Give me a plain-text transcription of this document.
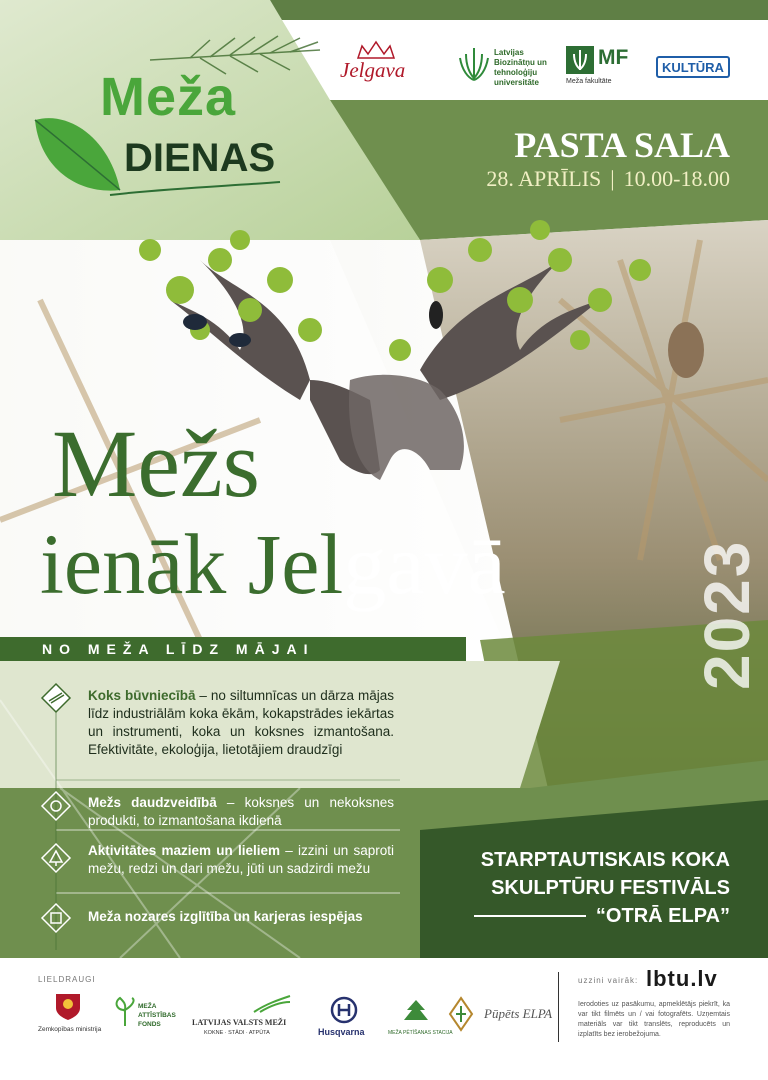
Jelgava
Latvijas Biozinātņu un tehnoloģiju universitāte
MF
Meža fakultāte
KULTŪRA
Meža
DIENAS	PASTA SALA
28. APRĪLIS | 10.00-18.00
Mežs
ienāk Jelgavā	2023
NO MEŽA LĪDZ MĀJAI
Koks būvniecībā – no siltumnīcas un dārza mājas līdz industriālām koka ēkām, kokapstrādes iekārtas un instrumenti, koka un koksnes izmantošana. Efektivitāte, ekoloģija, lietotājiem draudzīgi
Mežs daudzveidībā – koksnes un nekoksnes produkti, to izmantošana ikdienā
Aktivitātes maziem un lieliem – izzini un saproti mežu, redzi un dari mežu, jūti un sadzirdi mežu
Meža nozares izglītība un karjeras iespējas
STARPTAUTISKAIS KOKA
SKULPTŪRU FESTIVĀLS
“OTRĀ ELPA”
LIELDRAUGI
Zemkopības ministrija
MEŽA ATTĪSTĪBAS FONDS	LATVIJAS VALSTS MEŽI
KOKNE · STĀDI · ATPŪTA	Husqvarna	MEŽA PĒTĪŠANAS STACIJA
Pūpēts ELPA
uzzini vairāk: lbtu.lv
Ierodoties uz pasākumu, apmeklētājs piekrīt, ka var tikt filmēts un / vai fotografēts. Uzņemtais materiāls var tikt translēts, reproducēts un izplatīts bez ierobežojuma.
